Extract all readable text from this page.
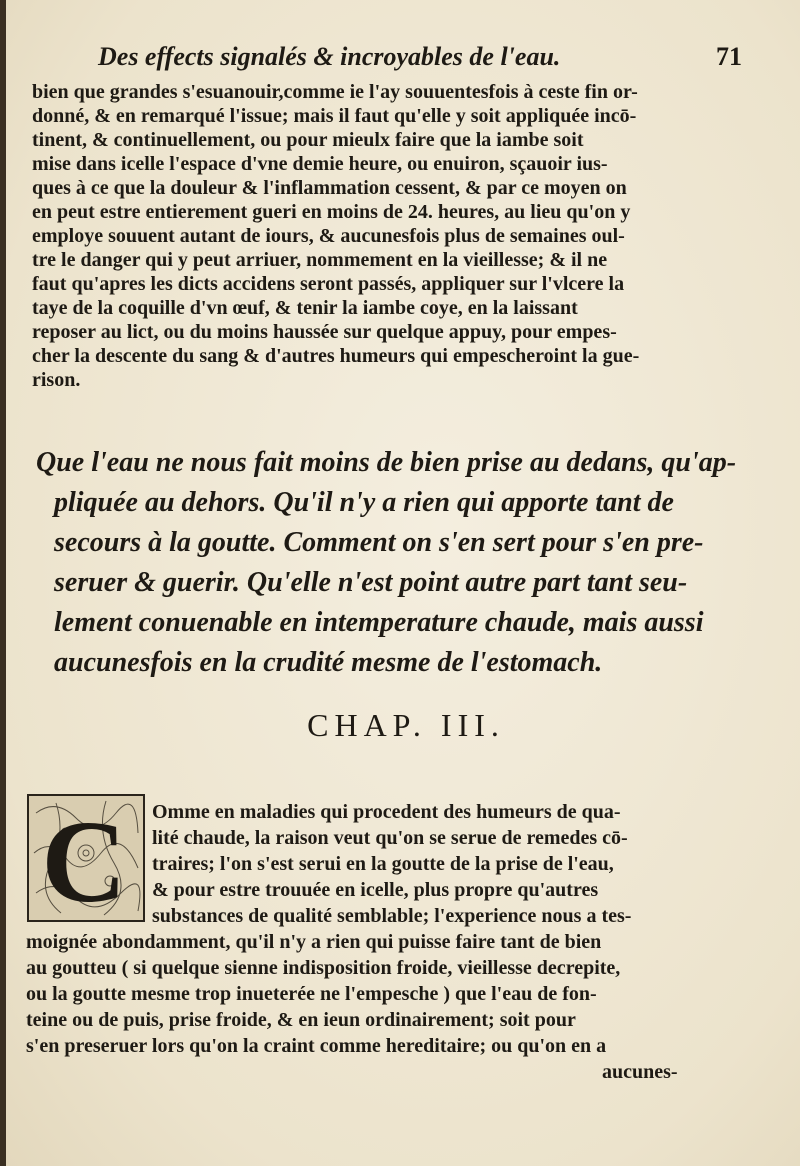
Des effects signalés & incroyables de l'eau.	71
bien que grandes s'esuanouir,comme ie l'ay souuentesfois à ceste fin or-
donné, & en remarqué l'issue; mais il faut qu'elle y soit appliquée incō-
tinent, & continuellement, ou pour mieulx faire que la iambe soit
mise dans icelle l'espace d'vne demie heure, ou enuiron, sçauoir ius-
ques à ce que la douleur & l'inflammation cessent, & par ce moyen on
en peut estre entierement gueri en moins de 24. heures, au lieu qu'on y
employe souuent autant de iours, & aucunesfois plus de semaines oul-
tre le danger qui y peut arriuer, nommement en la vieillesse; & il ne
faut qu'apres les dicts accidens seront passés, appliquer sur l'vlcere la
taye de la coquille d'vn œuf, & tenir la iambe coye, en la laissant
reposer au lict, ou du moins haussée sur quelque appuy, pour empes-
cher la descente du sang & d'autres humeurs qui empescheroint la gue-
rison.
Que l'eau ne nous fait moins de bien prise au dedans, qu'ap-
pliquée au dehors. Qu'il n'y a rien qui apporte tant de
secours à la goutte. Comment on s'en sert pour s'en pre-
seruer & guerir. Qu'elle n'est point autre part tant seu-
lement conuenable en intemperature chaude, mais aussi
aucunesfois en la crudité mesme de l'estomach.
CHAP. III.
C Omme en maladies qui procedent des humeurs de qua-
lité chaude, la raison veut qu'on se serue de remedes cō-
traires; l'on s'est serui en la goutte de la prise de l'eau,
& pour estre trouuée en icelle, plus propre qu'autres
substances de qualité semblable; l'experience nous a tes-
moignée abondamment, qu'il n'y a rien qui puisse faire tant de bien
au goutteu ( si quelque sienne indisposition froide, vieillesse decrepite,
ou la goutte mesme trop inueterée ne l'empesche ) que l'eau de fon-
teine ou de puis, prise froide, & en ieun ordinairement; soit pour
s'en preseruer lors qu'on la craint comme hereditaire; ou qu'on en a
aucunes-
